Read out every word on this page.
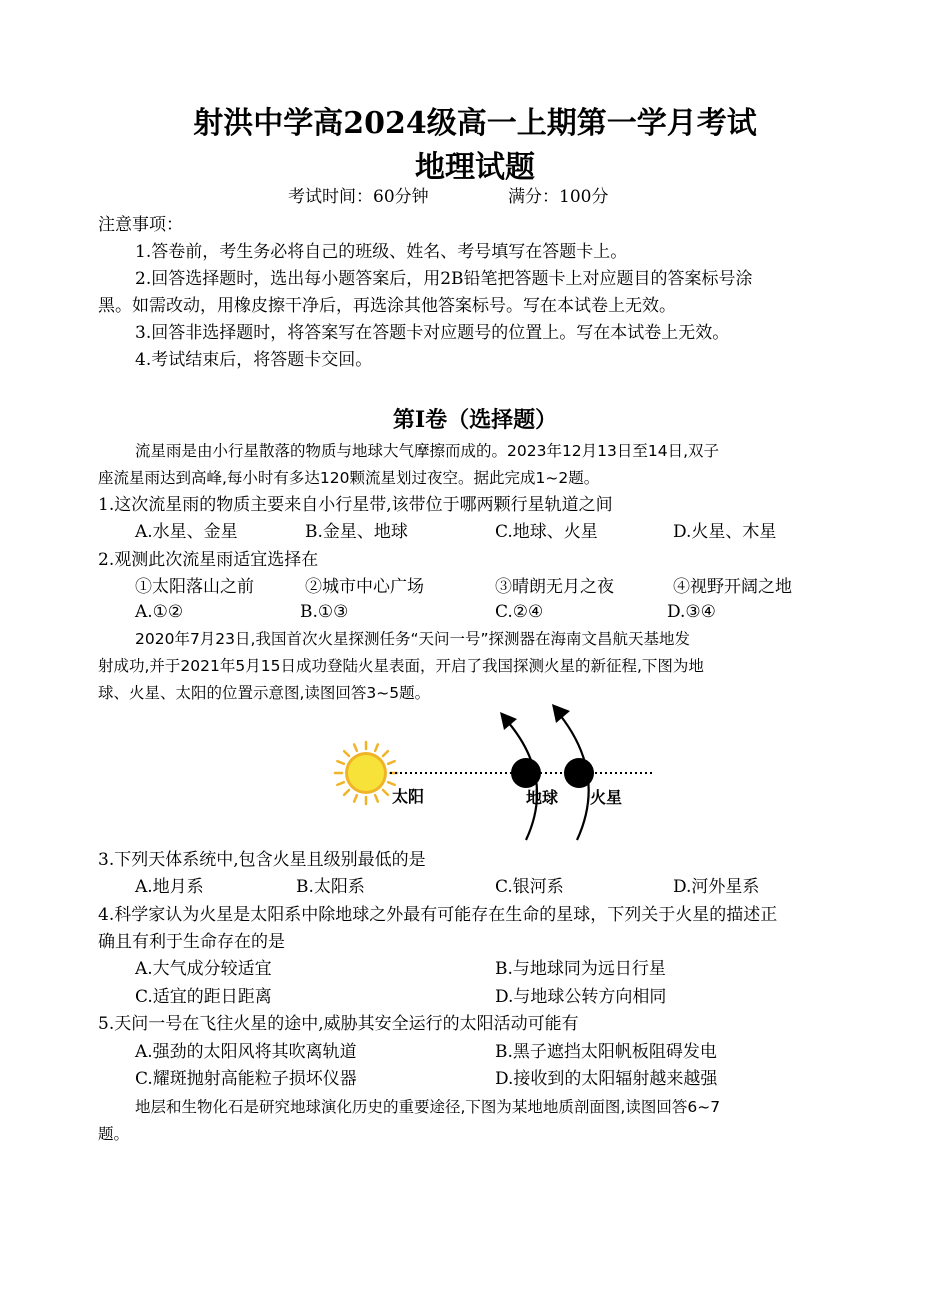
射洪中学高2024级高一上期第一学月考试
地理试题
考试时间：60分钟	满分：100分
注意事项：
1.答卷前，考生务必将自己的班级、姓名、考号填写在答题卡上。
2.回答选择题时，选出每小题答案后，用2B铅笔把答题卡上对应题目的答案标号涂
黑。如需改动，用橡皮擦干净后，再选涂其他答案标号。写在本试卷上无效。
3.回答非选择题时，将答案写在答题卡对应题号的位置上。写在本试卷上无效。
4.考试结束后，将答题卡交回。
第I卷（选择题）
流星雨是由小行星散落的物质与地球大气摩擦而成的。2023年12月13日至14日,双子
座流星雨达到高峰,每小时有多达120颗流星划过夜空。据此完成1~2题。
1.这次流星雨的物质主要来自小行星带,该带位于哪两颗行星轨道之间
A.水星、金星	B.金星、地球	C.地球、火星	D.火星、木星
2.观测此次流星雨适宜选择在
①太阳落山之前	②城市中心广场	③晴朗无月之夜	④视野开阔之地
A.①②	B.①③	C.②④	D.③④
2020年7月23日,我国首次火星探测任务“天问一号”探测器在海南文昌航天基地发
射成功,并于2021年5月15日成功登陆火星表面，开启了我国探测火星的新征程,下图为地
球、火星、太阳的位置示意图,读图回答3~5题。
太阳	地球 火星
3.下列天体系统中,包含火星且级别最低的是
A.地月系	B.太阳系	C.银河系	D.河外星系
4.科学家认为火星是太阳系中除地球之外最有可能存在生命的星球，下列关于火星的描述正
确且有利于生命存在的是
A.大气成分较适宜	B.与地球同为远日行星
C.适宜的距日距离	D.与地球公转方向相同
5.天问一号在飞往火星的途中,威胁其安全运行的太阳活动可能有
A.强劲的太阳风将其吹离轨道	B.黑子遮挡太阳帆板阻碍发电
C.耀斑抛射高能粒子损坏仪器	D.接收到的太阳辐射越来越强
地层和生物化石是研究地球演化历史的重要途径,下图为某地地质剖面图,读图回答6~7
题。
